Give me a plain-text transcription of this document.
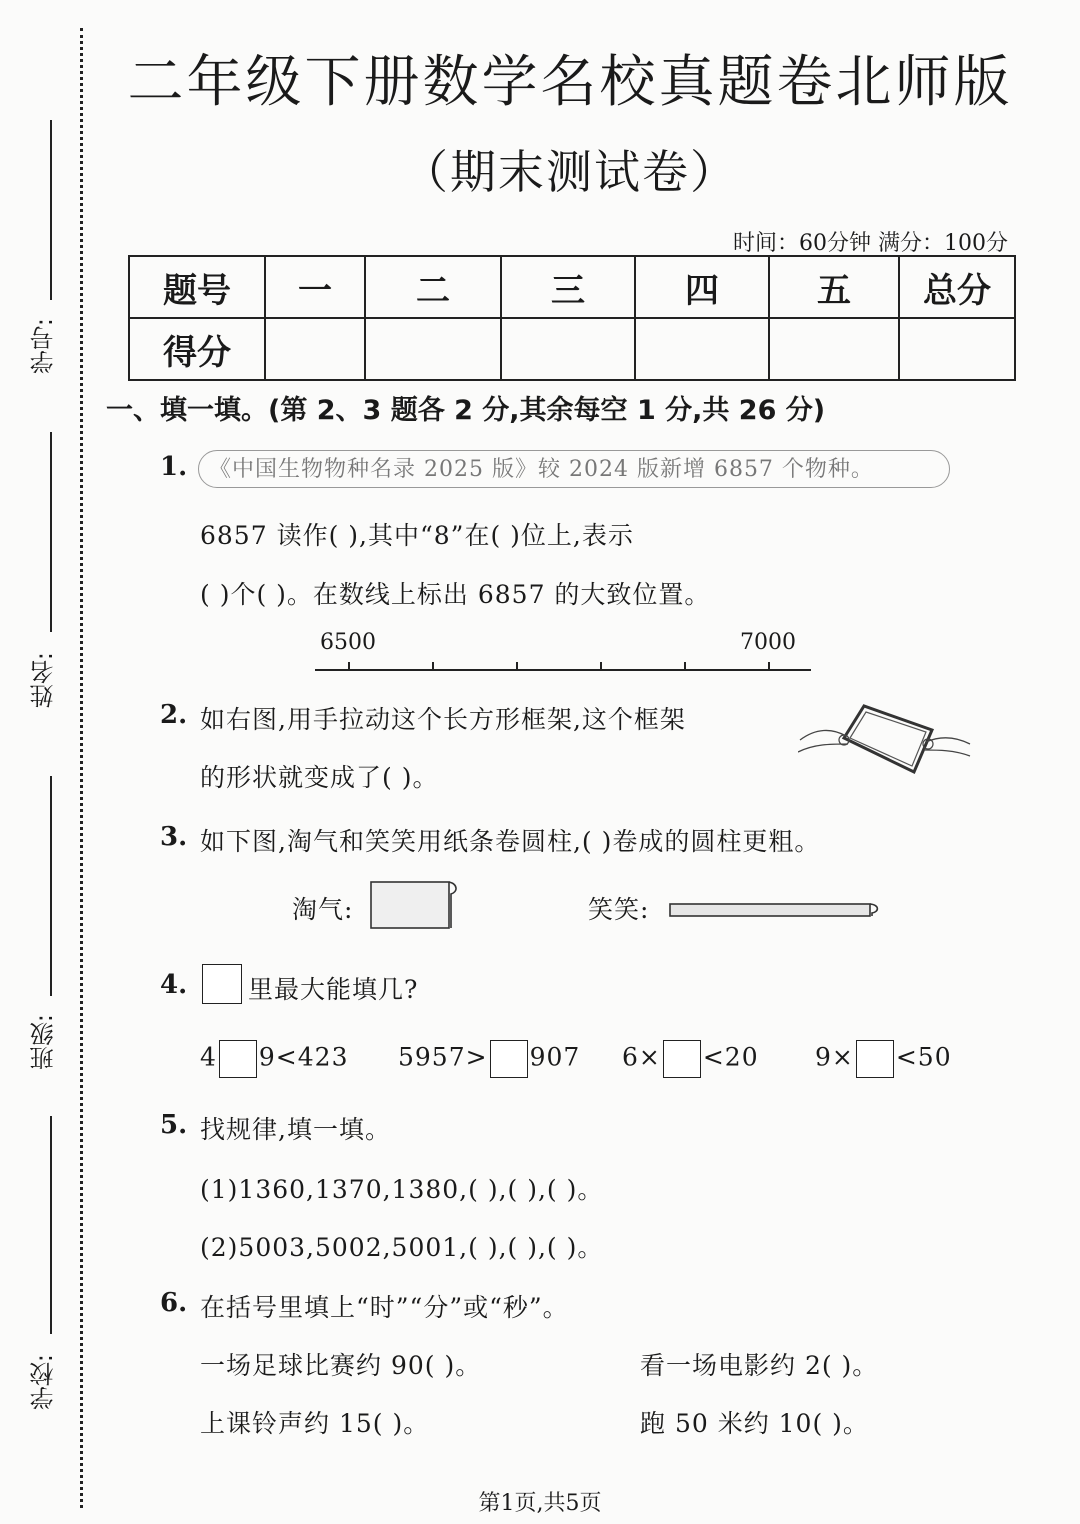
学号:
姓名:
班级:
学校:
二年级下册数学名校真题卷北师版
（期末测试卷）
时间：60分钟 满分：100分
题号	一	二	三	四	五	总分
得分						
一、填一填。(第 2、3 题各 2 分,其余每空 1 分,共 26 分)
1. 《中国生物物种名录 2025 版》较 2024 版新增 6857 个物种。
6857 读作( ),其中“8”在( )位上,表示
( )个( )。在数线上标出 6857 的大致位置。
6500	7000
2. 如右图,用手拉动这个长方形框架,这个框架
的形状就变成了( )。
3. 如下图,淘气和笑笑用纸条卷圆柱,( )卷成的圆柱更粗。
淘气:	笑笑:
4. 里最大能填几?
4 9<423 5957> 907 6× <20 9× <50
5. 找规律,填一填。
(1)1360,1370,1380,( ),( ),( )。
(2)5003,5002,5001,( ),( ),( )。
6. 在括号里填上“时”“分”或“秒”。
一场足球比赛约 90( )。	看一场电影约 2( )。
上课铃声约 15( )。	跑 50 米约 10( )。
第1页,共5页
